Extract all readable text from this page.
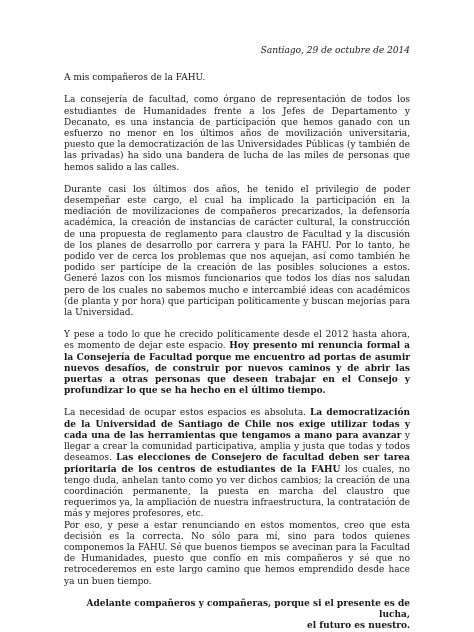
Santiago, 29 de octubre de 2014
A mis compañeros de la FAHU.

La consejería de facultad, como órgano de representación de todos los estudiantes de Humanidades frente a los Jefes de Departamento y Decanato, es una instancia de participación que hemos ganado con un esfuerzo no menor en los últimos años de movilización universitaria, puesto que la democratización de las Universidades Públicas (y también de las privadas) ha sido una bandera de lucha de las miles de personas que hemos salido a las calles.

Durante casi los últimos dos años, he tenido el privilegio de poder desempeñar este cargo, el cual ha implicado la participación en la mediación de movilizaciones de compañeros precarizados, la defensoría académica, la creación de instancias de carácter cultural, la construcción de una propuesta de reglamento para claustro de Facultad y la discusión de los planes de desarrollo por carrera y para la FAHU. Por lo tanto, he podido ver de cerca los problemas que nos aquejan, así como también he podido ser partícipe de la creación de las posibles soluciones a estos. Generé lazos con los mismos funcionarios que todos los días nos saludan pero de los cuales no sabemos mucho e intercambié ideas con académicos (de planta y por hora) que participan políticamente y buscan mejorías para la Universidad.

Y pese a todo lo que he crecido políticamente desde el 2012 hasta ahora, es momento de dejar este espacio. Hoy presento mi renuncia formal a la Consejería de Facultad porque me encuentro ad portas de asumir nuevos desafíos, de construir por nuevos caminos y de abrir las puertas a otras personas que deseen trabajar en el Consejo y profundizar lo que se ha hecho en el último tiempo.

La necesidad de ocupar estos espacios es absoluta. La democratización de la Universidad de Santiago de Chile nos exige utilizar todas y cada una de las herramientas que tengamos a mano para avanzar y llegar a crear la comunidad participativa, amplia y justa que todas y todos deseamos. Las elecciones de Consejero de facultad deben ser tarea prioritaria de los centros de estudiantes de la FAHU los cuales, no tengo duda, anhelan tanto como yo ver dichos cambios; la creación de una coordinación permanente, la puesta en marcha del claustro que requerimos ya, la ampliación de nuestra infraestructura, la contratación de más y mejores profesores, etc.

Por eso, y pese a estar renunciando en estos momentos, creo que esta decisión es la correcta. No sólo para mí, sino para todos quienes componemos la FAHU. Sé que buenos tiempos se avecinan para la Facultad de Humanidades, puesto que confío en mis compañeros y sé que no retrocederemos en este largo camino que hemos emprendido desde hace ya un buen tiempo.

Adelante compañeros y compañeras, porque si el presente es de lucha,
el futuro es nuestro.
